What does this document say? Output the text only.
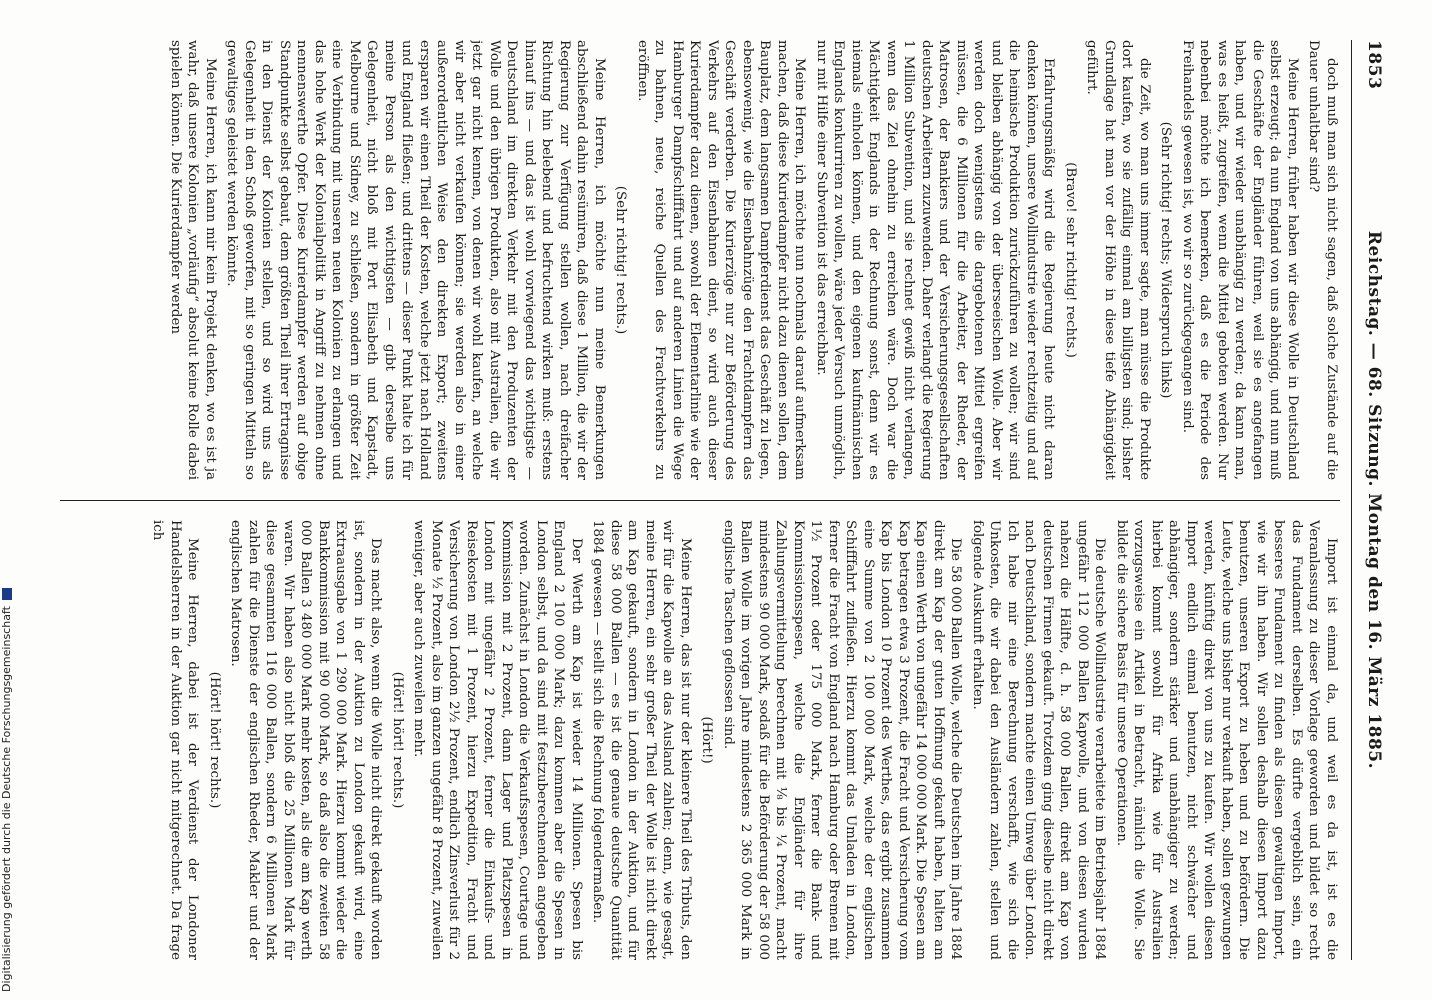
1853
Reichstag. — 68. Sitzung. Montag den 16. März 1885.

doch muß man sich nicht sagen, daß solche Zustände auf die Dauer unhaltbar sind?

Meine Herren, früher haben wir diese Wolle in Deutschland selbst erzeugt; da nun England von uns abhängig, und nun muß die Geschäfte der Engländer führen, weil sie es angefangen haben, und wir wieder unabhängig zu werden; da kann man, was es heißt, zugreifen, wenn die Mittel geboten werden. Nur nebenbei möchte ich bemerken, daß es die Periode des Freihandels gewesen ist, wo wir so zurückgegangen sind.

(Sehr richtig! rechts; Widerspruch links)

die Zeit, wo man uns immer sagte, man müsse die Produkte dort kaufen, wo sie zufällig einmal am billigsten sind; bisher Grundlage hat man vor der Höhe in diese tiefe Abhängigkeit geführt.

(Bravo! sehr richtig! rechts.)

Erfahrungsmäßig wird die Regierung heute nicht daran denken können, unsere Wollindustrie wieder rechtzeitig und auf die heimische Produktion zurückzuführen zu wollen; wir sind und bleiben abhängig von der überseeischen Wolle. Aber wir werden doch wenigstens die dargebotenen Mittel ergreifen müssen, die 6 Millionen für die Arbeiter, der Rheder, der Matrosen, der Bankiers und der Versicherungsgesellschaften deutschen Arbeitern zuzuwenden. Daher verlangt die Regierung 1 Million Subvention, und sie rechnet gewiß nicht verlangen, wenn das Ziel ohnehin zu erreichen wäre. Doch war die Mächtigkeit Englands in der Rechnung sonst, denn wir es niemals einholen können, und den eigenen kaufmännischen Englands konkurriren zu wollen, wäre jeder Versuch unmöglich, nur mit Hilfe einer Subvention ist das erreichbar.

Meine Herren, ich möchte nun nochmals darauf aufmerksam machen, daß diese Kurierdampfer nicht dazu dienen sollen, dem Bauplatz, dem langsamen Dampferdienst das Geschäft zu legen, ebensowenig, wie die Eisenbahnzüge den Frachtdampfern das Geschäft verderben. Die Kurierzüge nur zur Beförderung des Verkehrs auf den Eisenbahnen dient, so wird auch dieser Kurierdampfer dazu dienen, sowohl der Elementarlinie wie der Hamburger Dampfschifffahrt und auf anderen Linien die Wege zu bahnen, neue, reiche Quellen des Frachtverkehrs zu eröffnen.

(Sehr richtig! rechts.)

Meine Herren, ich möchte nun meine Bemerkungen abschließend dahin resümiren, daß diese 1 Million, die wir der Regierung zur Verfügung stellen wollen, nach dreifacher Richtung hin belebend und befruchtend wirken muß: erstens hinauf ins — und das ist wohl vorwiegend das wichtigste — Deutschland im direkten Verkehr mit den Produzenten der Wolle und den übrigen Produkten, also mit Australien, die wir jetzt gar nicht kennen, von denen wir wohl kaufen, an welche wir aber nicht verkaufen können; sie werden also in einer außerordentlichen Weise den direkten Export; zweitens ersparen wir einen Theil der Kosten, welche jetzt nach Holland und England fließen; und drittens — dieser Punkt halte ich für meine Person als den wichtigsten — gibt derselbe uns Gelegenheit, nicht bloß mit Port Elisabeth und Kapstadt, Melbourne und Sidney, zu schließen, sondern in größter Zeit eine Verbindung mit unseren neuen Kolonien zu erlangen und das hohe Werk der Kolonialpolitik in Angriff zu nehmen ohne nennenswerthe Opfer. Diese Kurierdampfer werden auf obige Standpunkte selbst gebaut, dem größten Theil ihrer Ertragnisse in den Dienst der Kolonien stellen, und so wird uns als Gelegenheit in den Schoß geworfen, mit so geringen Mitteln so gewaltiges geleistet werden könnte.

Meine Herren, ich kann mir kein Projekt denken, wo es ist ja wahr, daß unsere Kolonien „vorläufig“ absolut keine Rolle dabei spielen können. Die Kurierdampfer werden

Import ist einmal da, und weil es da ist, ist es die Veranlassung zu dieser Vorlage geworden und bildet so recht das Fundament derselben. Es dürfte vergeblich sein, ein besseres Fundament zu finden als diesen gewaltigen Import, wie wir ihn haben. Wir sollen deshalb diesen Import dazu benutzen, unseren Export zu heben und zu befördern. Die Leute, welche uns bisher nur verkauft haben, sollen gezwungen werden, künftig direkt von uns zu kaufen. Wir wollen diesen Import endlich einmal benutzen, nicht schwächer und abhängiger, sondern stärker und unabhängiger zu werden; hierbei kommt sowohl für Afrika wie für Australien vorzugsweise ein Artikel in Betracht, nämlich die Wolle. Sie bildet die sichere Basis für unsere Operationen.

Die deutsche Wollindustrie verarbeitete im Betriebsjahr 1884 ungefähr 112 000 Ballen Kapwolle, und von diesen wurden nahezu die Hälfte, d. h. 58 000 Ballen, direkt am Kap von deutschen Firmen gekauft. Trotzdem ging dieselbe nicht direkt nach Deutschland, sondern machte einen Umweg über London. Ich habe mir eine Berechnung verschafft, wie sich die Unkosten, die wir dabei den Ausländern zahlen, stellen und folgende Auskunft erhalten.

Die 58 000 Ballen Wolle, welche die Deutschen im Jahre 1884 direkt am Kap der guten Hoffnung gekauft haben, halten am Kap einen Werth von ungefähr 14 000 000 Mark. Die Spesen am Kap betragen etwa 3 Prozent, die Fracht und Versicherung vom Kap bis London 10 Prozent des Werthes, das ergibt zusammen eine Summe von 2 100 000 Mark, welche der englischen Schifffahrt zufließen. Hierzu kommt das Umladen in London, ferner die Fracht von England nach Hamburg oder Bremen mit 1½ Prozent oder 175 000 Mark, ferner die Bank- und Kommissionsspesen, welche die Engländer für ihre Zahlungsvermittelung berechnen mit ⅛ bis ¼ Prozent, macht mindestens 90 000 Mark, sodaß für die Beförderung der 58 000 Ballen Wolle im vorigen Jahre mindestens 2 365 000 Mark in englische Taschen geflossen sind.

(Hört!)

Meine Herren, das ist nur der kleinere Theil des Tributs, den wir für die Kapwolle an das Ausland zahlen; denn, wie gesagt, meine Herren, ein sehr großer Theil der Wolle ist nicht direkt am Kap gekauft, sondern in London in der Auktion, und für diese 58 000 Ballen — es ist die genaue deutsche Quantität 1884 gewesen — stellt sich die Rechnung folgendermaßen.

Der Werth am Kap ist wieder 14 Millionen. Spesen bis England 2 100 000 Mark; dazu kommen aber die Spesen in London selbst, und da sind mit festzuberechnenden angegeben worden. Zunächst in London die Verkaufsspesen, Courtage und Kommission mit 2 Prozent, dann Lager und Platzspesen in London mit ungefähr 2 Prozent, ferner die Einkaufs- und Reisekosten mit 1 Prozent, hierzu Expedition, Fracht und Versicherung von London 2½ Prozent, endlich Zinsverlust für 2 Monate ½ Prozent, also im ganzen ungefähr 8 Prozent, zuweilen weniger, aber auch zuweilen mehr.

(Hört! hört! rechts.)

Das macht also, wenn die Wolle nicht direkt gekauft worden ist, sondern in der Auktion zu London gekauft wird, eine Extraausgabe von 1 290 000 Mark. Hierzu kommt wieder die Bankkommission mit 90 000 Mark, so daß also die zweiten 58 000 Ballen 3 480 000 Mark mehr kosten, als die am Kap werth waren. Wir haben also nicht bloß die 25 Millionen Mark für diese gesammten 116 000 Ballen, sondern 6 Millionen Mark zahlen für die Dienste der englischen Rheder, Makler und der englischen Matrosen.

(Hört! hört! rechts.)

Meine Herren, dabei ist der Verdienst der Londoner Handelsherren in der Auktion gar nicht mitgerechnet. Da frage ich

Digitalisierung gefördert durch die Deutsche Forschungsgemeinschaft
